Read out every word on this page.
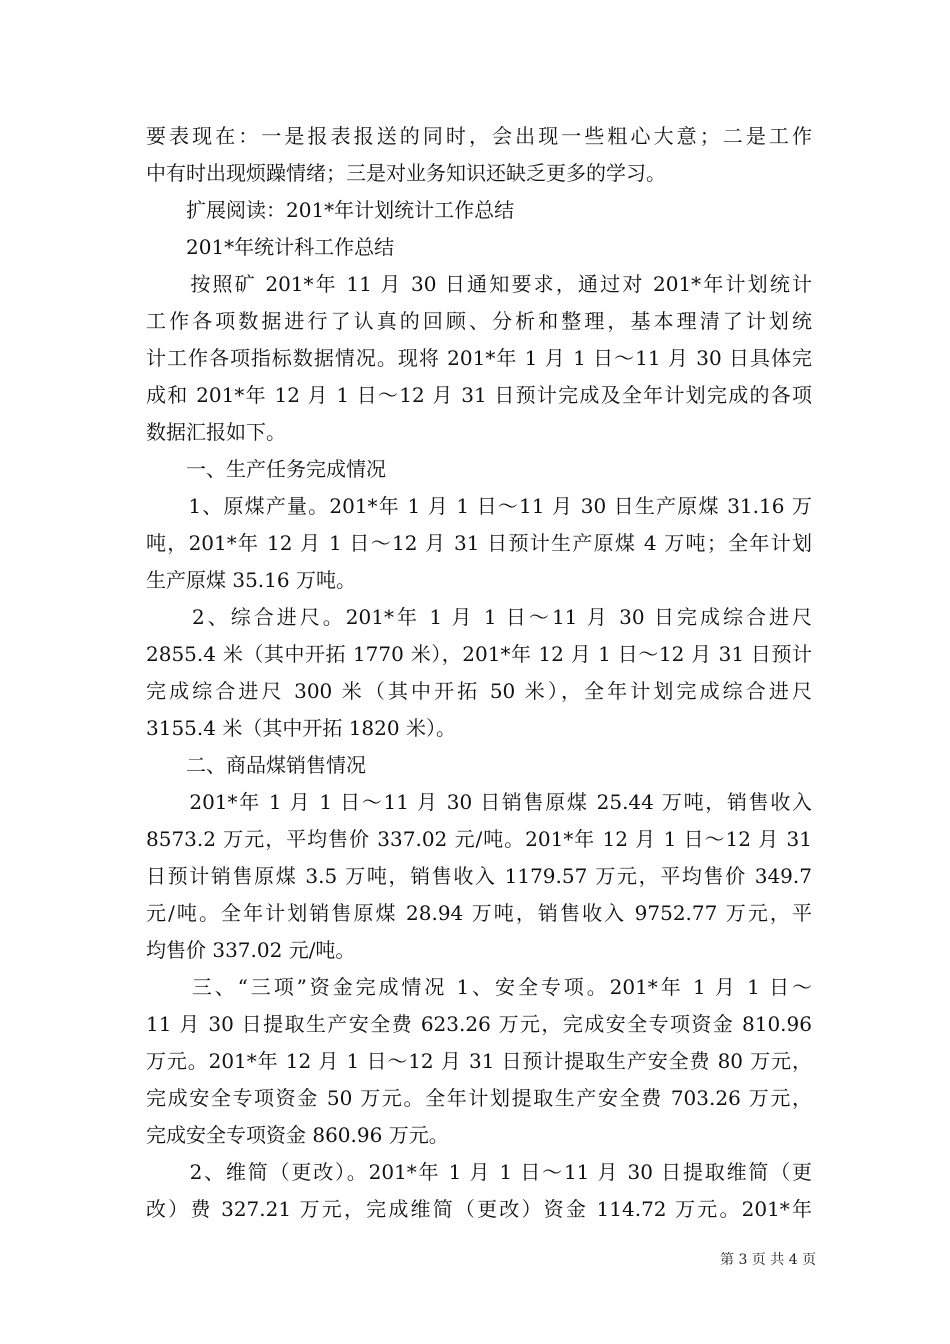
要表现在：一是报表报送的同时，会出现一些粗心大意；二是工作
中有时出现烦躁情绪；三是对业务知识还缺乏更多的学习。
　　扩展阅读：201*年计划统计工作总结
　　201*年统计科工作总结
　　按照矿 201*年 11 月 30 日通知要求，通过对 201*年计划统计
工作各项数据进行了认真的回顾、分析和整理，基本理清了计划统
计工作各项指标数据情况。现将 201*年 1 月 1 日～11 月 30 日具体完
成和 201*年 12 月 1 日～12 月 31 日预计完成及全年计划完成的各项
数据汇报如下。
　　一、生产任务完成情况
　　1、原煤产量。201*年 1 月 1 日～11 月 30 日生产原煤 31.16 万
吨，201*年 12 月 1 日～12 月 31 日预计生产原煤 4 万吨；全年计划
生产原煤 35.16 万吨。
　　2、综合进尺。201*年 1 月 1 日～11 月 30 日完成综合进尺
2855.4 米（其中开拓 1770 米），201*年 12 月 1 日～12 月 31 日预计
完成综合进尺 300 米（其中开拓 50 米），全年计划完成综合进尺
3155.4 米（其中开拓 1820 米）。
　　二、商品煤销售情况
　　201*年 1 月 1 日～11 月 30 日销售原煤 25.44 万吨，销售收入
8573.2 万元，平均售价 337.02 元/吨。201*年 12 月 1 日～12 月 31
日预计销售原煤 3.5 万吨，销售收入 1179.57 万元，平均售价 349.7
元/吨。全年计划销售原煤 28.94 万吨，销售收入 9752.77 万元，平
均售价 337.02 元/吨。
　　三、“三项”资金完成情况 1、安全专项。201*年 1 月 1 日～
11 月 30 日提取生产安全费 623.26 万元，完成安全专项资金 810.96
万元。201*年 12 月 1 日～12 月 31 日预计提取生产安全费 80 万元，
完成安全专项资金 50 万元。全年计划提取生产安全费 703.26 万元，
完成安全专项资金 860.96 万元。
　　2、维简（更改）。201*年 1 月 1 日～11 月 30 日提取维简（更
改）费 327.21 万元，完成维简（更改）资金 114.72 万元。201*年
第 3 页 共 4 页
